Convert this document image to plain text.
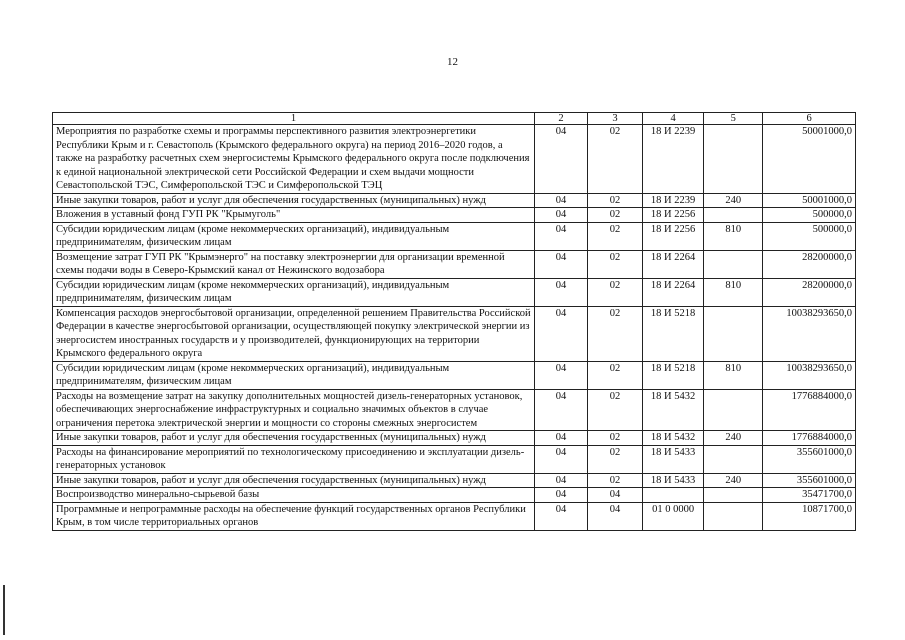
12
1	2	3	4	5	6
Мероприятия по разработке схемы и программы перспективного развития электроэнергетики Республики Крым и г. Севастополь (Крымского федерального округа) на период 2016–2020 годов, а также на разработку расчетных схем энергосистемы Крымского федерального округа после подключения к единой национальной электрической сети Российской Федерации и схем выдачи мощности Севастопольской ТЭС, Симферопольской ТЭС и Симферопольской ТЭЦ	04	02	18 И 2239		50001000,0
Иные закупки товаров, работ и услуг для обеспечения государственных (муниципальных) нужд	04	02	18 И 2239	240	50001000,0
Вложения в уставный фонд ГУП РК "Крымуголь"	04	02	18 И 2256		500000,0
Субсидии юридическим лицам (кроме некоммерческих организаций), индивидуальным предпринимателям, физическим лицам	04	02	18 И 2256	810	500000,0
Возмещение затрат ГУП РК "Крымэнерго" на поставку электроэнергии для организации временной схемы подачи воды в Северо-Крымский канал от Нежинского водозабора	04	02	18 И 2264		28200000,0
Субсидии юридическим лицам (кроме некоммерческих организаций), индивидуальным предпринимателям, физическим лицам	04	02	18 И 2264	810	28200000,0
Компенсация расходов энергосбытовой организации, определенной решением Правительства Российской Федерации в качестве энергосбытовой организации, осуществляющей покупку электрической энергии из энергосистем иностранных государств и у производителей, функционирующих на территории Крымского федерального округа	04	02	18 И 5218		10038293650,0
Субсидии юридическим лицам (кроме некоммерческих организаций), индивидуальным предпринимателям, физическим лицам	04	02	18 И 5218	810	10038293650,0
Расходы на возмещение затрат на закупку дополнительных мощностей дизель-генераторных установок, обеспечивающих энергоснабжение инфраструктурных и социально значимых объектов в случае ограничения перетока электрической энергии и мощности со стороны смежных энергосистем	04	02	18 И 5432		1776884000,0
Иные закупки товаров, работ и услуг для обеспечения государственных (муниципальных) нужд	04	02	18 И 5432	240	1776884000,0
Расходы на финансирование мероприятий по технологическому присоединению и эксплуатации дизель-генераторных установок	04	02	18 И 5433		355601000,0
Иные закупки товаров, работ и услуг для обеспечения государственных (муниципальных) нужд	04	02	18 И 5433	240	355601000,0
Воспроизводство минерально-сырьевой базы	04	04			35471700,0
Программные и непрограммные расходы на обеспечение функций государственных органов Республики Крым, в том числе территориальных органов	04	04	01 0 0000		10871700,0
